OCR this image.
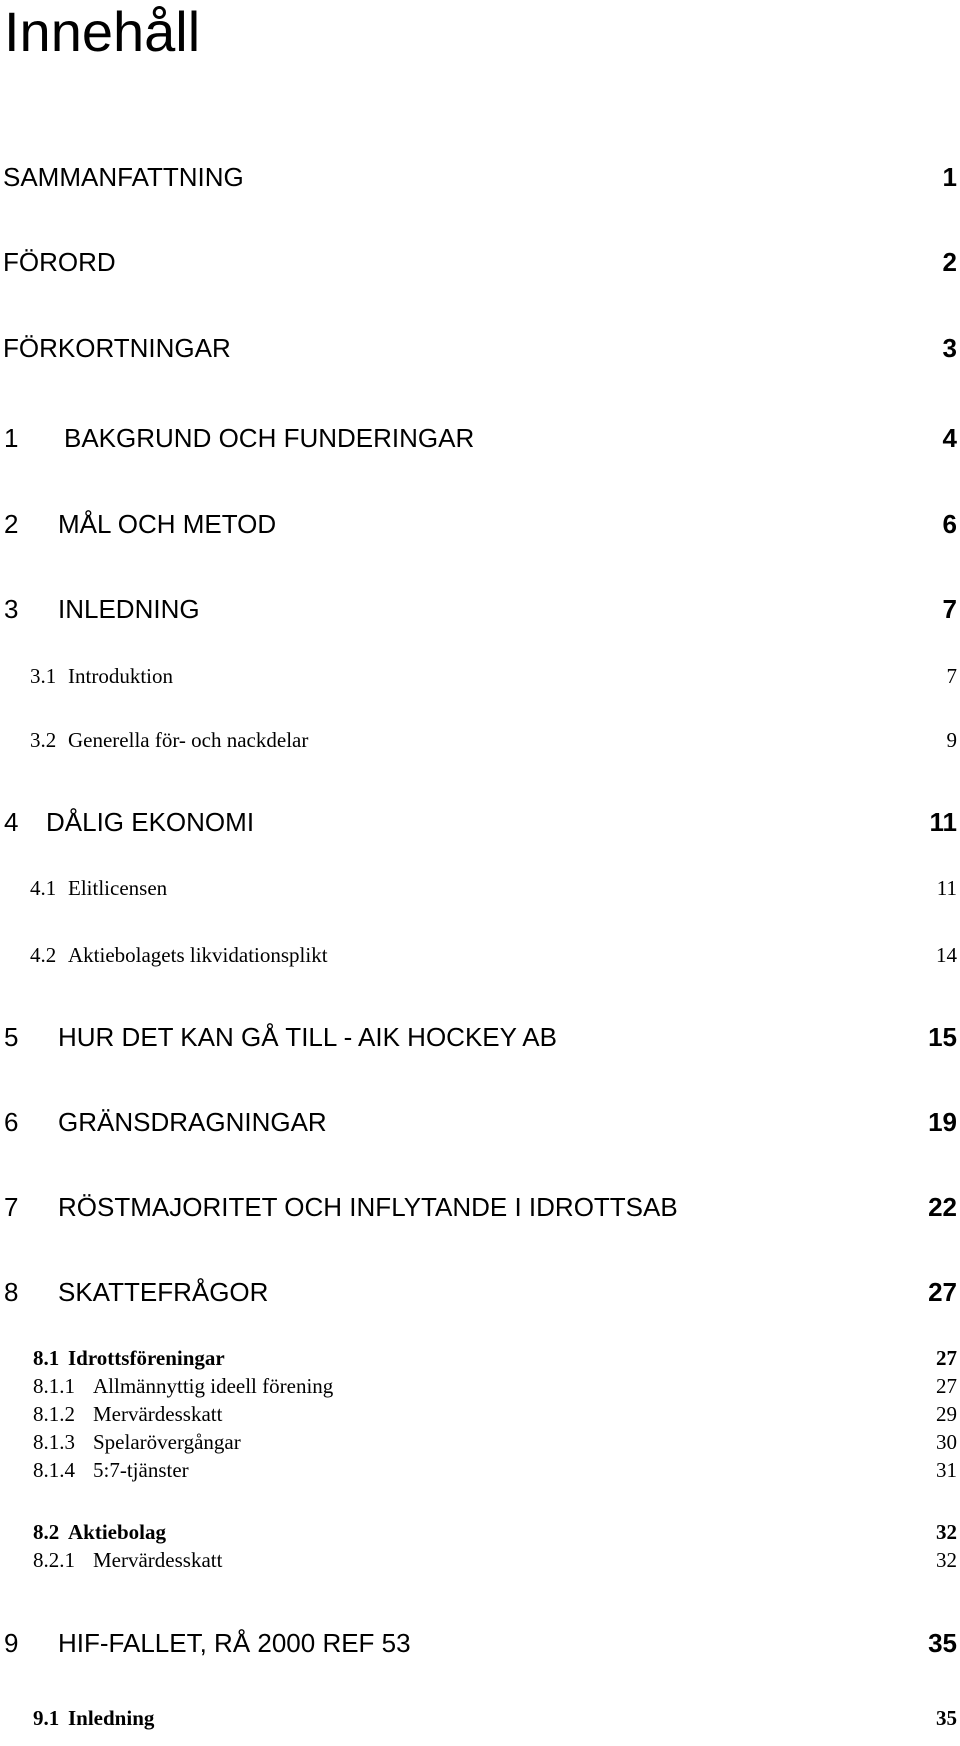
Innehåll
SAMMANFATTNING	1
FÖRORD	2
FÖRKORTNINGAR	3
1 BAKGRUND OCH FUNDERINGAR	4
2 MÅL OCH METOD	6
3 INLEDNING	7
3.1 Introduktion	7
3.2 Generella för- och nackdelar	9
4 DÅLIG EKONOMI	11
4.1 Elitlicensen	11
4.2 Aktiebolagets likvidationsplikt	14
5 HUR DET KAN GÅ TILL - AIK HOCKEY AB	15
6 GRÄNSDRAGNINGAR	19
7 RÖSTMAJORITET OCH INFLYTANDE I IDROTTSAB	22
8 SKATTEFRÅGOR	27
8.1 Idrottsföreningar	27
8.1.1 Allmännyttig ideell förening	27
8.1.2 Mervärdesskatt	29
8.1.3 Spelarövergångar	30
8.1.4 5:7-tjänster	31
8.2 Aktiebolag	32
8.2.1 Mervärdesskatt	32
9 HIF-FALLET, RÅ 2000 REF 53	35
9.1 Inledning	35
